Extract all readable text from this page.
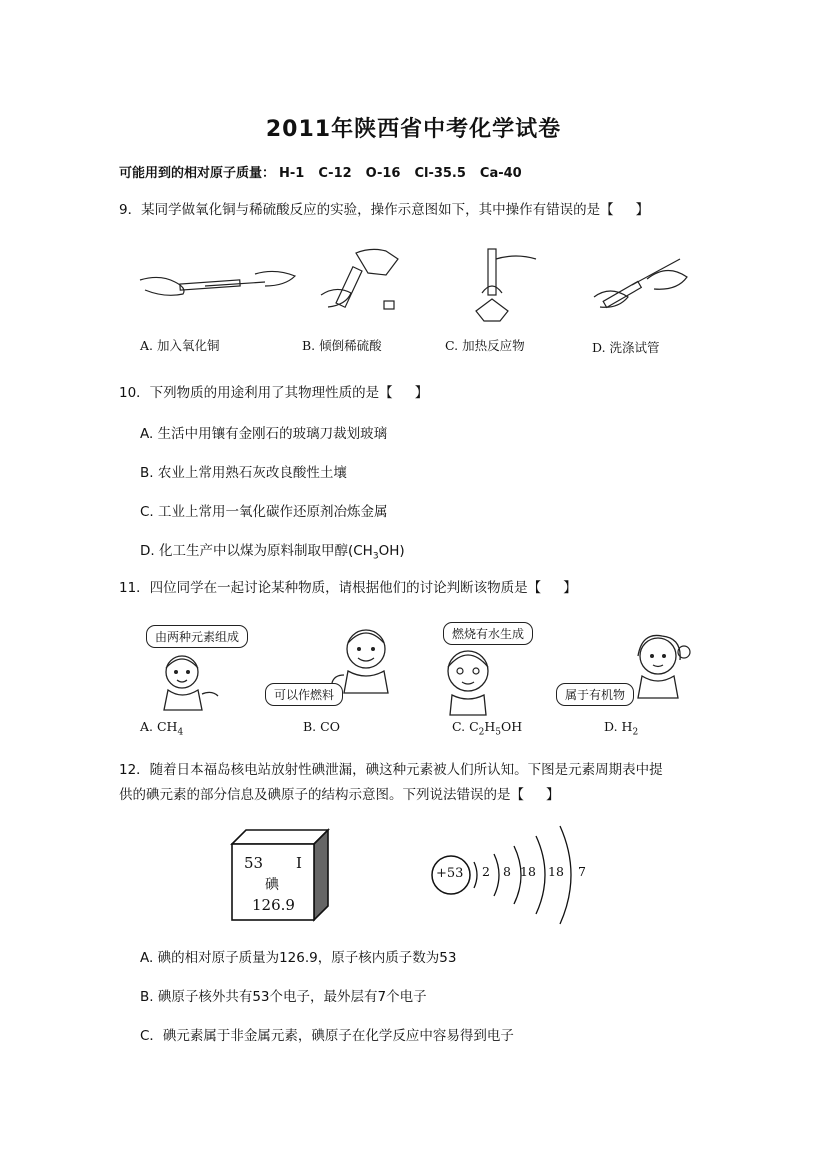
2011年陕西省中考化学试卷
可能用到的相对原子质量： H-1 C-12 O-16 Cl-35.5 Ca-40
9．某同学做氧化铜与稀硫酸反应的实验，操作示意图如下，其中操作有错误的是【 】
A. 加入氧化铜	B. 倾倒稀硫酸	C. 加热反应物	D. 洗涤试管
10．下列物质的用途利用了其物理性质的是【 】
A. 生活中用镶有金刚石的玻璃刀裁划玻璃
B. 农业上常用熟石灰改良酸性土壤
C. 工业上常用一氧化碳作还原剂冶炼金属
D. 化工生产中以煤为原料制取甲醇$(CH_3OH)$
11．四位同学在一起讨论某种物质，请根据他们的讨论判断该物质是【 】
由两种元素组成
可以作燃料
燃烧有水生成
属于有机物
A. $CH_4$	B. CO	C. $C_2H_5OH$	D. $H_2$
12．随着日本福岛核电站放射性碘泄漏，碘这种元素被人们所认知。下图是元素周期表中提
供的碘元素的部分信息及碘原子的结构示意图。下列说法错误的是【 】
53 I
碘
126.9
+53 2 8 18 18 7
A. 碘的相对原子质量为126.9，原子核内质子数为53
B. 碘原子核外共有53个电子，最外层有7个电子
C．碘元素属于非金属元素，碘原子在化学反应中容易得到电子
